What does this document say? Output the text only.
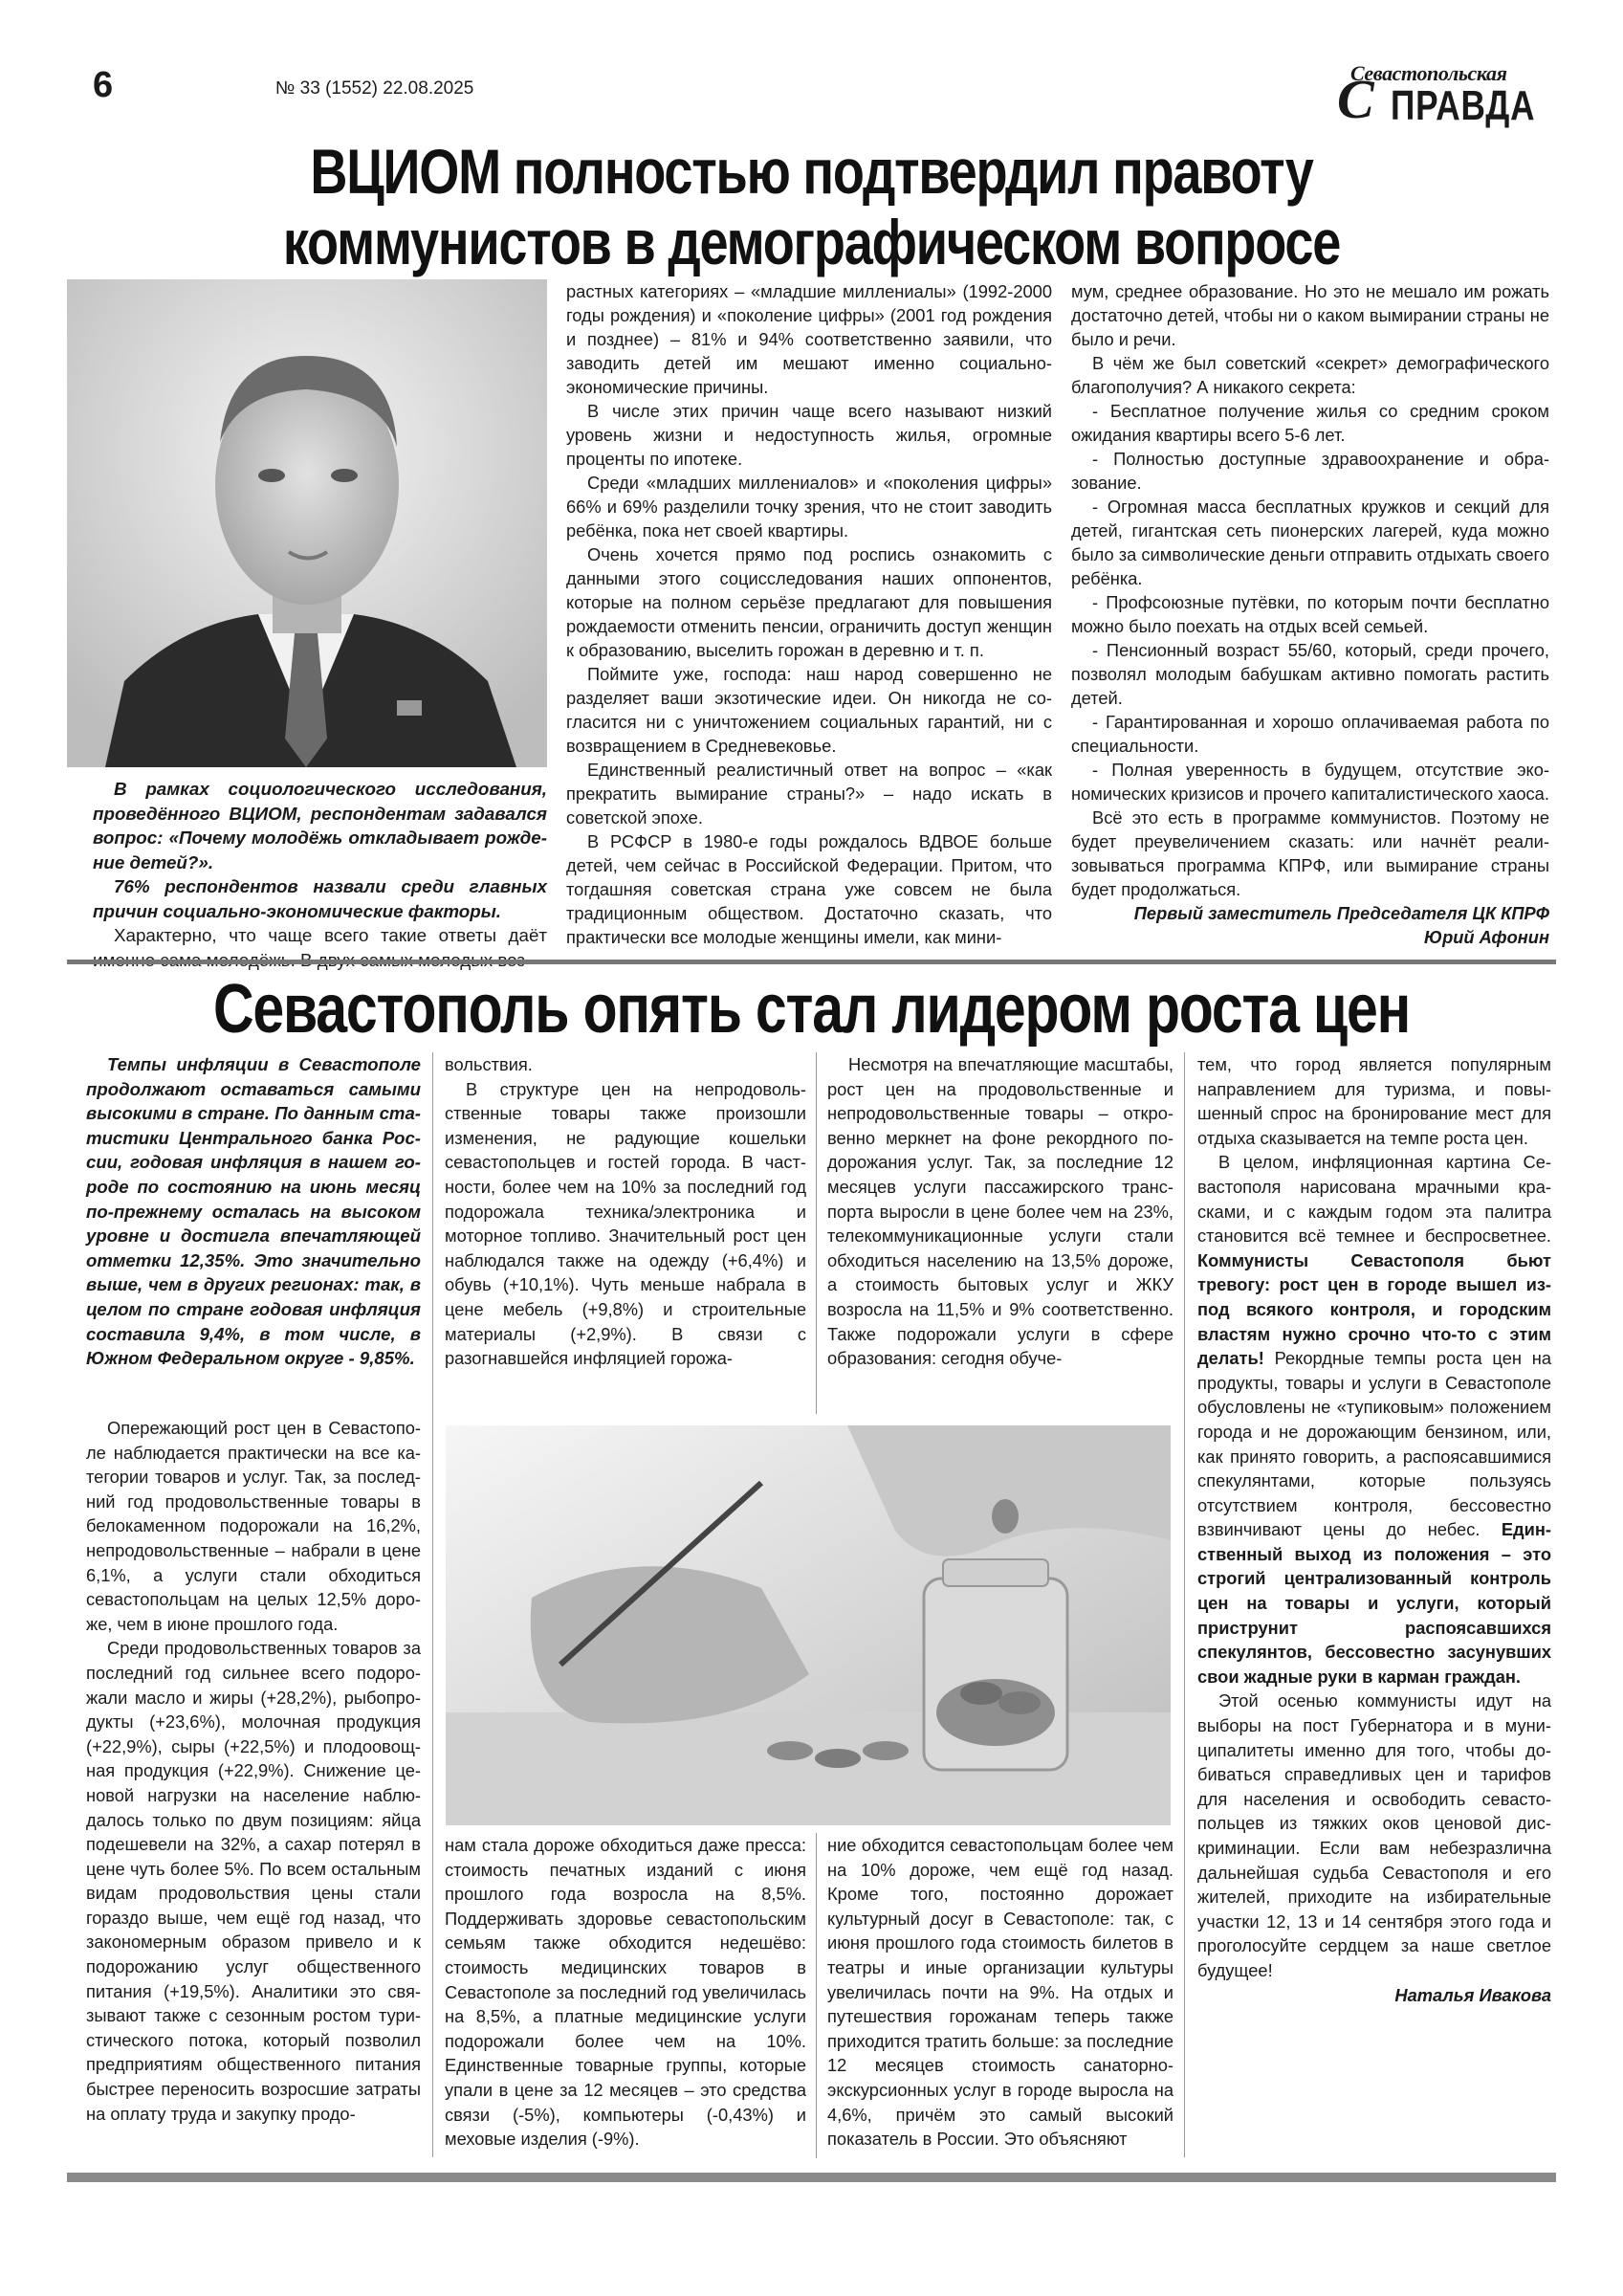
6	№ 33 (1552) 22.08.2025	C
Севастопольская
ПРАВДА
ВЦИОМ полностью подтвердил правоту
коммунистов в демографическом вопросе

В рамках социологического исследования, проведённого ВЦИОМ, респондентам задавался вопрос: «Почему молодёжь откладывает рождение детей?».

76% респондентов назвали среди главных причин социально-экономические факторы.

Характерно, что чаще всего такие ответы даёт

растных категориях – «младшие миллениалы» (1992-2000 годы рождения) и «поколение цифры» (2001 год рождения и позднее) – 81% и 94% соответственно заявили, что заводить детей им мешают именно социально-экономические причины.

В числе этих причин чаще всего называют низкий уровень жизни и недоступность жилья, огромные проценты по ипотеке.

Среди «младших миллениалов» и «поколения цифры» 66% и 69% разделили точку зрения, что не стоит заводить ребёнка, пока нет своей квартиры.

Очень хочется прямо под роспись ознакомить с данными этого социсследования наших оппонентов, которые на полном серьёзе предлагают для повышения рождаемости отменить пенсии, ограничить доступ женщин к образованию, выселить горожан в деревню и т. п.

Поймите уже, господа: наш народ совершенно не разделяет ваши экзотические идеи. Он никогда не согласится ни с уничтожением социальных гарантий, ни с возвращением в Средневековье.

Единственный реалистичный ответ на вопрос – «как прекратить вымирание страны?» – надо искать в советской эпохе.

В РСФСР в 1980-е годы рождалось ВДВОЕ больше детей, чем сейчас в Российской Федерации. Притом, что тогдашняя советская страна уже совсем не была традиционным обществом. Достаточно сказать, что практически все молодые женщины имели, как мини-

мум, среднее образование. Но это не мешало им рожать достаточно детей, чтобы ни о каком вымирании страны не было и речи.

В чём же был советский «секрет» демографического благополучия? А никакого секрета:

- Бесплатное получение жилья со средним сроком ожидания квартиры всего 5-6 лет.

- Полностью доступные здравоохранение и образование.

- Огромная масса бесплатных кружков и секций для детей, гигантская сеть пионерских лагерей, куда можно было за символические деньги отправить отдыхать своего ребёнка.

- Профсоюзные путёвки, по которым почти бесплатно можно было поехать на отдых всей семьей.

- Пенсионный возраст 55/60, который, среди прочего, позволял молодым бабушкам активно помогать растить детей.

- Гарантированная и хорошо оплачиваемая работа по специальности.

- Полная уверенность в будущем, отсутствие экономических кризисов и прочего капиталистического хаоса.

Всё это есть в программе коммунистов. Поэтому не будет преувеличением сказать: или начнёт реализовываться программа КПРФ, или вымирание страны будет продолжаться.

Первый заместитель Председателя ЦК КПРФ

Юрий Афонин

Севастополь опять стал лидером роста цен
Темпы инфляции в Севастополе продолжают оставаться самыми высокими в стране. По данным статистики Центрального банка России, годовая инфляция в нашем городе по состоянию на июнь месяц по-прежнему осталась на высоком уровне и достигла впечатляющей отметки 12,35%. Это значительно выше, чем в других регионах: так, в целом по стране годовая инфляция составила 9,4%, в том числе, в Южном Федеральном округе - 9,85%.

Опережающий рост цен в Севастополе наблюдается практически на все категории товаров и услуг. Так, за последний год продовольственные товары в белокаменном подорожали на 16,2%, непродовольственные – набрали в цене 6,1%, а услуги стали обходиться севастопольцам на целых 12,5% дороже, чем в июне прошлого года.

Среди продовольственных товаров за последний год сильнее всего подорожали масло и жиры (+28,2%), рыбопродукты (+23,6%), молочная продукция (+22,9%), сыры (+22,5%) и плодоовощная продукция (+22,9%). Снижение ценовой нагрузки на население наблюдалось только по двум позициям: яйца подешевели на 32%, а сахар потерял в цене чуть более 5%. По всем остальным видам продовольствия цены стали гораздо выше, чем ещё год назад, что закономерным образом привело и к подорожанию услуг общественного питания (+19,5%). Аналитики это связывают также с сезонным ростом туристического потока, который позволил предприятиям общественного питания быстрее переносить возросшие затраты на оплату труда и закупку продо-

вольствия.

В структуре цен на непродовольственные товары также произошли изменения, не радующие кошельки севастопольцев и гостей города. В частности, более чем на 10% за последний год подорожала техника/электроника и моторное топливо. Значительный рост цен наблюдался также на одежду (+6,4%) и обувь (+10,1%). Чуть меньше набрала в цене мебель (+9,8%) и строительные материалы (+2,9%). В связи с разогнавшейся инфляцией горожа-

Несмотря на впечатляющие масштабы, рост цен на продовольственные и непродовольственные товары – откровенно меркнет на фоне рекордного подорожания услуг. Так, за последние 12 месяцев услуги пассажирского транспорта выросли в цене более чем на 23%, телекоммуникационные услуги стали обходиться населению на 13,5% дороже, а стоимость бытовых услуг и ЖКУ возросла на 11,5% и 9% соответственно. Также подорожали услуги в сфере образования: сегодня обуче-

нам стала дороже обходиться даже пресса: стоимость печатных изданий с июня прошлого года возросла на 8,5%. Поддерживать здоровье севастопольским семьям также обходится недешёво: стоимость медицинских товаров в Севастополе за последний год увеличилась на 8,5%, а платные медицинские услуги подорожали более чем на 10%. Единственные товарные группы, которые упали в цене за 12 месяцев – это средства связи (-5%), компьютеры (-0,43%) и меховые изделия (-9%).

ние обходится севастопольцам более чем на 10% дороже, чем ещё год назад. Кроме того, постоянно дорожает культурный досуг в Севастополе: так, с июня прошлого года стоимость билетов в театры и иные организации культуры увеличилась почти на 9%. На отдых и путешествия горожанам теперь также приходится тратить больше: за последние 12 месяцев стоимость санаторно-экскурсионных услуг в городе выросла на 4,6%, причём это самый высокий показатель в России. Это объясняют

тем, что город является популярным направлением для туризма, и повышенный спрос на бронирование мест для отдыха сказывается на темпе роста цен.

В целом, инфляционная картина Севастополя нарисована мрачными красками, и с каждым годом эта палитра становится всё темнее и беспросветнее. Коммунисты Севастополя бьют тревогу: рост цен в городе вышел из-под всякого контроля, и городским властям нужно срочно что-то с этим делать! Рекордные темпы роста цен на продукты, товары и услуги в Севастополе обусловлены не «тупиковым» положением города и не дорожающим бензином, или, как принято говорить, а распоясавшимися спекулянтами, которые пользуясь отсутствием контроля, бессовестно взвинчивают цены до небес. Единственный выход из положения – это строгий централизованный контроль цен на товары и услуги, который приструнит распоясавшихся спекулянтов, бессовестно засунувших свои жадные руки в карман граждан.

Этой осенью коммунисты идут на выборы на пост Губернатора и в муниципалитеты именно для того, чтобы добиваться справедливых цен и тарифов для населения и освободить севастопольцев из тяжких оков ценовой дискриминации. Если вам небезразлична дальнейшая судьба Севастополя и его жителей, приходите на избирательные участки 12, 13 и 14 сентября этого года и проголосуйте сердцем за наше светлое будущее!

Наталья Ивакова
